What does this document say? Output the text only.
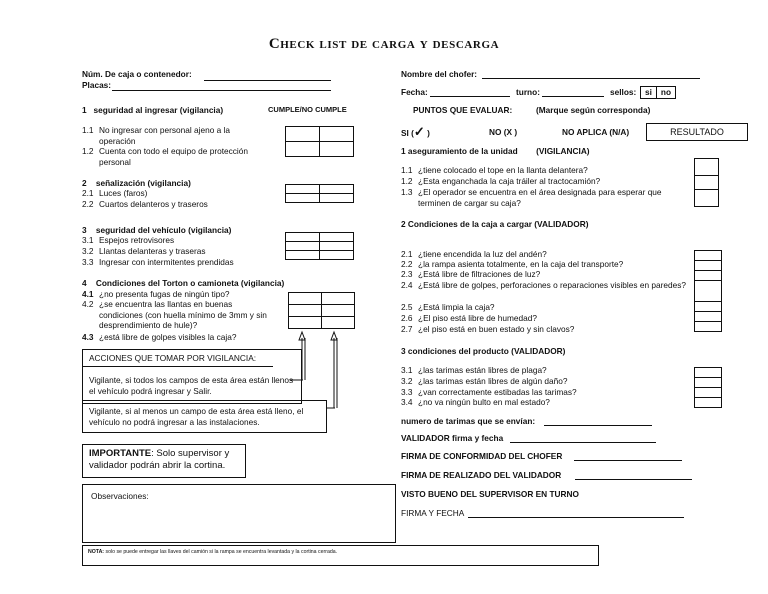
Check list de carga y descarga
Núm. De caja o contenedor:
Placas:
1 seguridad al ingresar (vigilancia)	CUMPLE/NO CUMPLE
1.1 No ingresar con personal ajeno a la operación
1.2 Cuenta con todo el equipo de protección personal

2 señalización (vigilancia)
2.1 Luces (faros)
2.2 Cuartos delanteros y traseros

3 seguridad del vehículo (vigilancia)
3.1 Espejos retrovisores
3.2 Llantas delanteras y traseras
3.3 Ingresar con intermitentes prendidas

4 Condiciones del Torton o camioneta (vigilancia)
4.1 ¿no presenta fugas de ningún tipo?
4.2 ¿se encuentra las llantas en buenas condiciones (con huella mínimo de 3mm y sin desprendimiento de hule)?
4.3 ¿está libre de golpes visibles la caja?

ACCIONES QUE TOMAR POR VIGILANCIA:
Vigilante, si todos los campos de esta área están llenos el vehículo podrá ingresar y Salir.
Vigilante, si al menos un campo de esta área está lleno, el vehículo no podrá ingresar a las instalaciones.
IMPORTANTE: Solo supervisor y validador podrán abrir la cortina.
Observaciones:
NOTA: solo se puede entregar las llaves del camión si la rampa se encuentra levantada y la cortina cerrada.
Nombre del chofer:
Fecha:	turno:	sellos:	si no
PUNTOS QUE EVALUAR:	(Marque según corresponda)
SI (✓ )	NO (X )	NO APLICA (N/A)	RESULTADO
1 aseguramiento de la unidad (VIGILANCIA)
1.1 ¿tiene colocado el tope en la llanta delantera?
1.2 ¿Esta enganchada la caja tráiler al tractocamión?
1.3 ¿El operador se encuentra en el área designada para esperar que terminen de cargar su caja?

2 Condiciones de la caja a cargar (VALIDADOR)
2.1 ¿tiene encendida la luz del andén?
2.2 ¿la rampa asienta totalmente, en la caja del transporte?
2.3 ¿Está libre de filtraciones de luz?
2.4 ¿Está libre de golpes, perforaciones o reparaciones visibles en paredes?
2.5 ¿Está limpia la caja?
2.6 ¿El piso está libre de humedad?
2.7 ¿el piso está en buen estado y sin clavos?

3 condiciones del producto (VALIDADOR)
3.1 ¿las tarimas están libres de plaga?
3.2 ¿las tarimas están libres de algún daño?
3.3 ¿van correctamente estibadas las tarimas?
3.4 ¿no va ningún bulto en mal estado?

numero de tarimas que se envían:
VALIDADOR firma y fecha
FIRMA DE CONFORMIDAD DEL CHOFER
FIRMA DE REALIZADO DEL VALIDADOR
VISTO BUENO DEL SUPERVISOR EN TURNO
FIRMA Y FECHA
